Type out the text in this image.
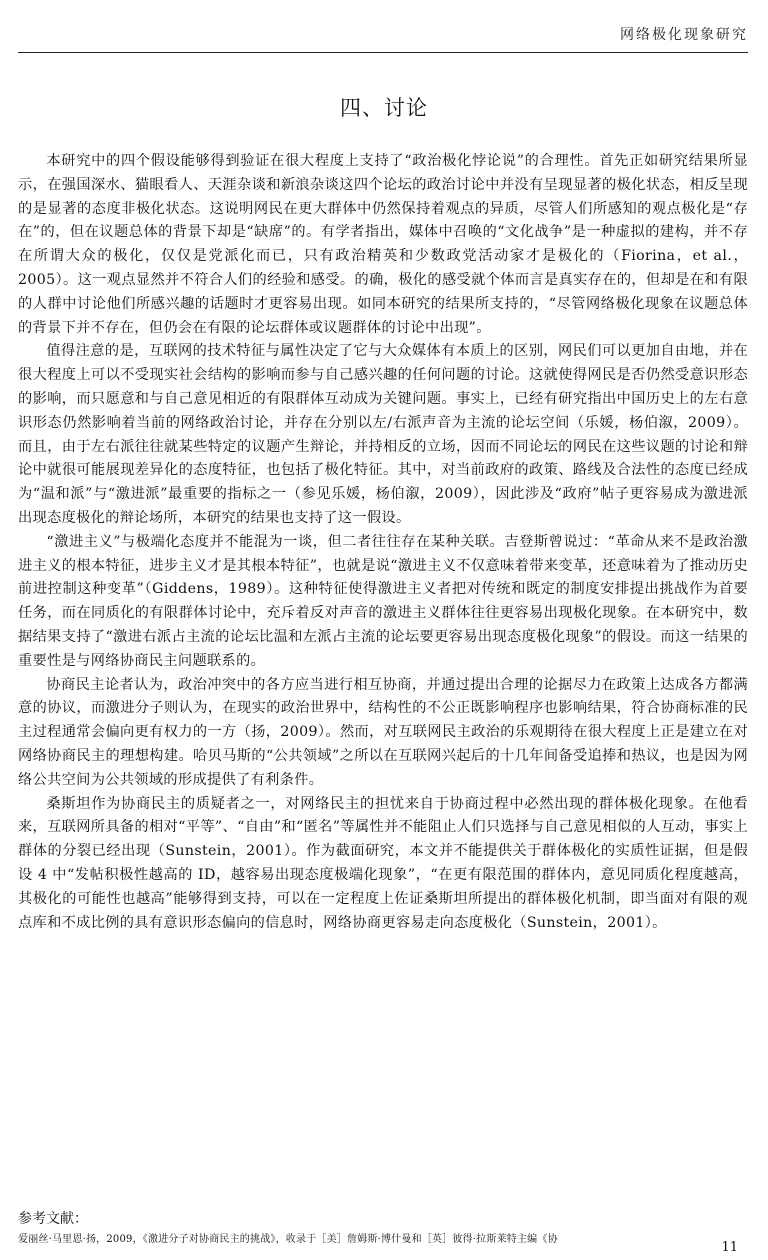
网络极化现象研究
四、讨论

本研究中的四个假设能够得到验证在很大程度上支持了“政治极化悖论说”的合理性。首先正如研究结果所显示，在强国深水、猫眼看人、天涯杂谈和新浪杂谈这四个论坛的政治讨论中并没有呈现显著的极化状态，相反呈现的是显著的态度非极化状态。这说明网民在更大群体中仍然保持着观点的异质，尽管人们所感知的观点极化是“存在”的，但在议题总体的背景下却是“缺席”的。有学者指出，媒体中召唤的“文化战争”是一种虚拟的建构，并不存在所谓大众的极化，仅仅是党派化而已，只有政治精英和少数政党活动家才是极化的（Fiorina，et al.，2005）。这一观点显然并不符合人们的经验和感受。的确，极化的感受就个体而言是真实存在的，但却是在和有限的人群中讨论他们所感兴趣的话题时才更容易出现。如同本研究的结果所支持的，“尽管网络极化现象在议题总体的背景下并不存在，但仍会在有限的论坛群体或议题群体的讨论中出现”。

值得注意的是，互联网的技术特征与属性决定了它与大众媒体有本质上的区别，网民们可以更加自由地，并在很大程度上可以不受现实社会结构的影响而参与自己感兴趣的任何问题的讨论。这就使得网民是否仍然受意识形态的影响，而只愿意和与自己意见相近的有限群体互动成为关键问题。事实上，已经有研究指出中国历史上的左右意识形态仍然影响着当前的网络政治讨论，并存在分别以左/右派声音为主流的论坛空间（乐媛，杨伯溆，2009）。而且，由于左右派往往就某些特定的议题产生辩论，并持相反的立场，因而不同论坛的网民在这些议题的讨论和辩论中就很可能展现差异化的态度特征，也包括了极化特征。其中，对当前政府的政策、路线及合法性的态度已经成为“温和派”与“激进派”最重要的指标之一（参见乐媛，杨伯溆，2009），因此涉及“政府”帖子更容易成为激进派出现态度极化的辩论场所，本研究的结果也支持了这一假设。

“激进主义”与极端化态度并不能混为一谈，但二者往往存在某种关联。吉登斯曾说过：“革命从来不是政治激进主义的根本特征，进步主义才是其根本特征”，也就是说“激进主义不仅意味着带来变革，还意味着为了推动历史前进控制这种变革”（Giddens，1989）。这种特征使得激进主义者把对传统和既定的制度安排提出挑战作为首要任务，而在同质化的有限群体讨论中，充斥着反对声音的激进主义群体往往更容易出现极化现象。在本研究中，数据结果支持了“激进右派占主流的论坛比温和左派占主流的论坛要更容易出现态度极化现象”的假设。而这一结果的重要性是与网络协商民主问题联系的。

协商民主论者认为，政治冲突中的各方应当进行相互协商，并通过提出合理的论据尽力在政策上达成各方都满意的协议，而激进分子则认为，在现实的政治世界中，结构性的不公正既影响程序也影响结果，符合协商标准的民主过程通常会偏向更有权力的一方（扬，2009）。然而，对互联网民主政治的乐观期待在很大程度上正是建立在对网络协商民主的理想构建。哈贝马斯的“公共领域”之所以在互联网兴起后的十几年间备受追捧和热议，也是因为网络公共空间为公共领域的形成提供了有利条件。

桑斯坦作为协商民主的质疑者之一，对网络民主的担忧来自于协商过程中必然出现的群体极化现象。在他看来，互联网所具备的相对“平等”、“自由”和“匿名”等属性并不能阻止人们只选择与自己意见相似的人互动，事实上群体的分裂已经出现（Sunstein，2001）。作为截面研究，本文并不能提供关于群体极化的实质性证据，但是假设 4 中“发帖积极性越高的 ID，越容易出现态度极端化现象”，“在更有限范围的群体内，意见同质化程度越高，其极化的可能性也越高”能够得到支持，可以在一定程度上佐证桑斯坦所提出的群体极化机制，即当面对有限的观点库和不成比例的具有意识形态偏向的信息时，网络协商更容易走向态度极化（Sunstein，2001）。

参考文献：
爱丽丝·马里恩·扬，2009，《激进分子对协商民主的挑战》，收录于［美］詹姆斯·博什曼和［英］彼得·拉斯莱特主编《协
11
